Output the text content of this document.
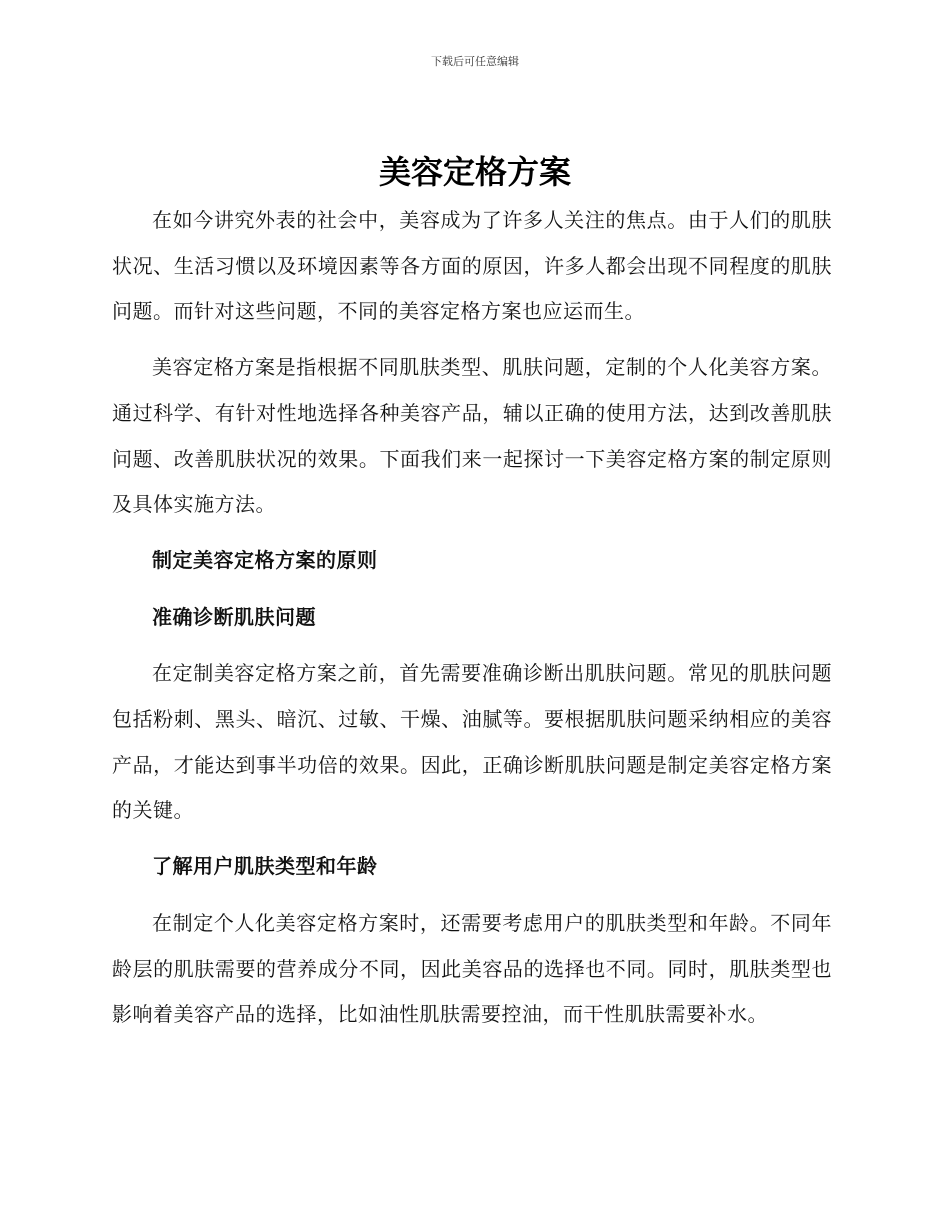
下载后可任意编辑
美容定格方案

在如今讲究外表的社会中，美容成为了许多人关注的焦点。由于人们的肌肤状况、生活习惯以及环境因素等各方面的原因，许多人都会出现不同程度的肌肤问题。而针对这些问题，不同的美容定格方案也应运而生。

美容定格方案是指根据不同肌肤类型、肌肤问题，定制的个人化美容方案。通过科学、有针对性地选择各种美容产品，辅以正确的使用方法，达到改善肌肤问题、改善肌肤状况的效果。下面我们来一起探讨一下美容定格方案的制定原则及具体实施方法。

制定美容定格方案的原则
准确诊断肌肤问题

在定制美容定格方案之前，首先需要准确诊断出肌肤问题。常见的肌肤问题包括粉刺、黑头、暗沉、过敏、干燥、油腻等。要根据肌肤问题采纳相应的美容产品，才能达到事半功倍的效果。因此，正确诊断肌肤问题是制定美容定格方案的关键。

了解用户肌肤类型和年龄

在制定个人化美容定格方案时，还需要考虑用户的肌肤类型和年龄。不同年龄层的肌肤需要的营养成分不同，因此美容品的选择也不同。同时，肌肤类型也影响着美容产品的选择，比如油性肌肤需要控油，而干性肌肤需要补水。
